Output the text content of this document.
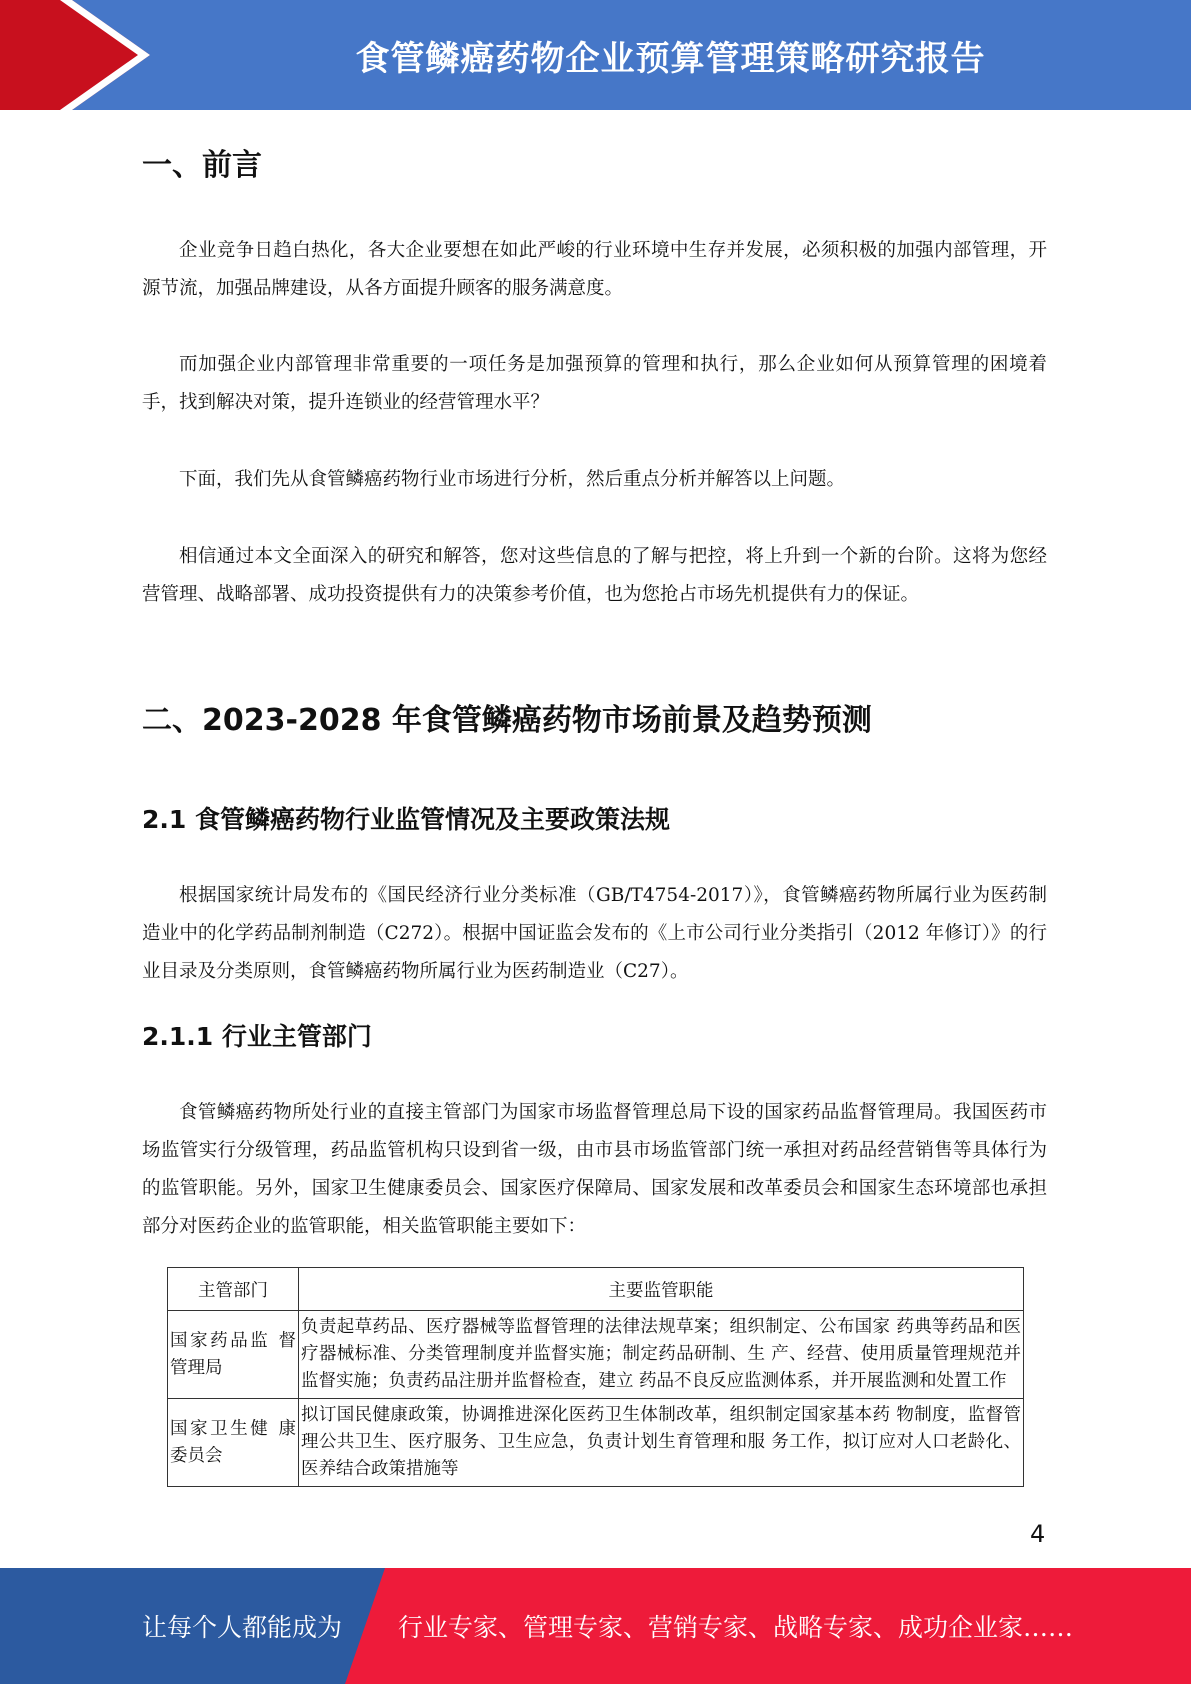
食管鳞癌药物企业预算管理策略研究报告
一、前言

企业竞争日趋白热化，各大企业要想在如此严峻的行业环境中生存并发展，必须积极的加强内部管理，开源节流，加强品牌建设，从各方面提升顾客的服务满意度。

而加强企业内部管理非常重要的一项任务是加强预算的管理和执行，那么企业如何从预算管理的困境着手，找到解决对策，提升连锁业的经营管理水平？

下面，我们先从食管鳞癌药物行业市场进行分析，然后重点分析并解答以上问题。

相信通过本文全面深入的研究和解答，您对这些信息的了解与把控，将上升到一个新的台阶。这将为您经营管理、战略部署、成功投资提供有力的决策参考价值，也为您抢占市场先机提供有力的保证。

二、2023-2028 年食管鳞癌药物市场前景及趋势预测
2.1 食管鳞癌药物行业监管情况及主要政策法规

根据国家统计局发布的《国民经济行业分类标准（GB/T4754-2017）》，食管鳞癌药物所属行业为医药制造业中的化学药品制剂制造（C272）。根据中国证监会发布的《上市公司行业分类指引（2012 年修订）》的行业目录及分类原则，食管鳞癌药物所属行业为医药制造业（C27）。

2.1.1 行业主管部门

食管鳞癌药物所处行业的直接主管部门为国家市场监督管理总局下设的国家药品监督管理局。我国医药市场监管实行分级管理，药品监管机构只设到省一级，由市县市场监管部门统一承担对药品经营销售等具体行为的监管职能。另外，国家卫生健康委员会、国家医疗保障局、国家发展和改革委员会和国家生态环境部也承担部分对医药企业的监管职能，相关监管职能主要如下：

主管部门	主要监管职能
国家药品监 督管理局	负责起草药品、医疗器械等监督管理的法律法规草案；组织制定、公布国家 药典等药品和医疗器械标准、分类管理制度并监督实施；制定药品研制、生 产、经营、使用质量管理规范并监督实施；负责药品注册并监督检查，建立 药品不良反应监测体系，并开展监测和处置工作
国家卫生健 康委员会	拟订国民健康政策，协调推进深化医药卫生体制改革，组织制定国家基本药 物制度，监督管理公共卫生、医疗服务、卫生应急，负责计划生育管理和服 务工作，拟订应对人口老龄化、医养结合政策措施等
4
让每个人都能成为 行业专家、管理专家、营销专家、战略专家、成功企业家……
